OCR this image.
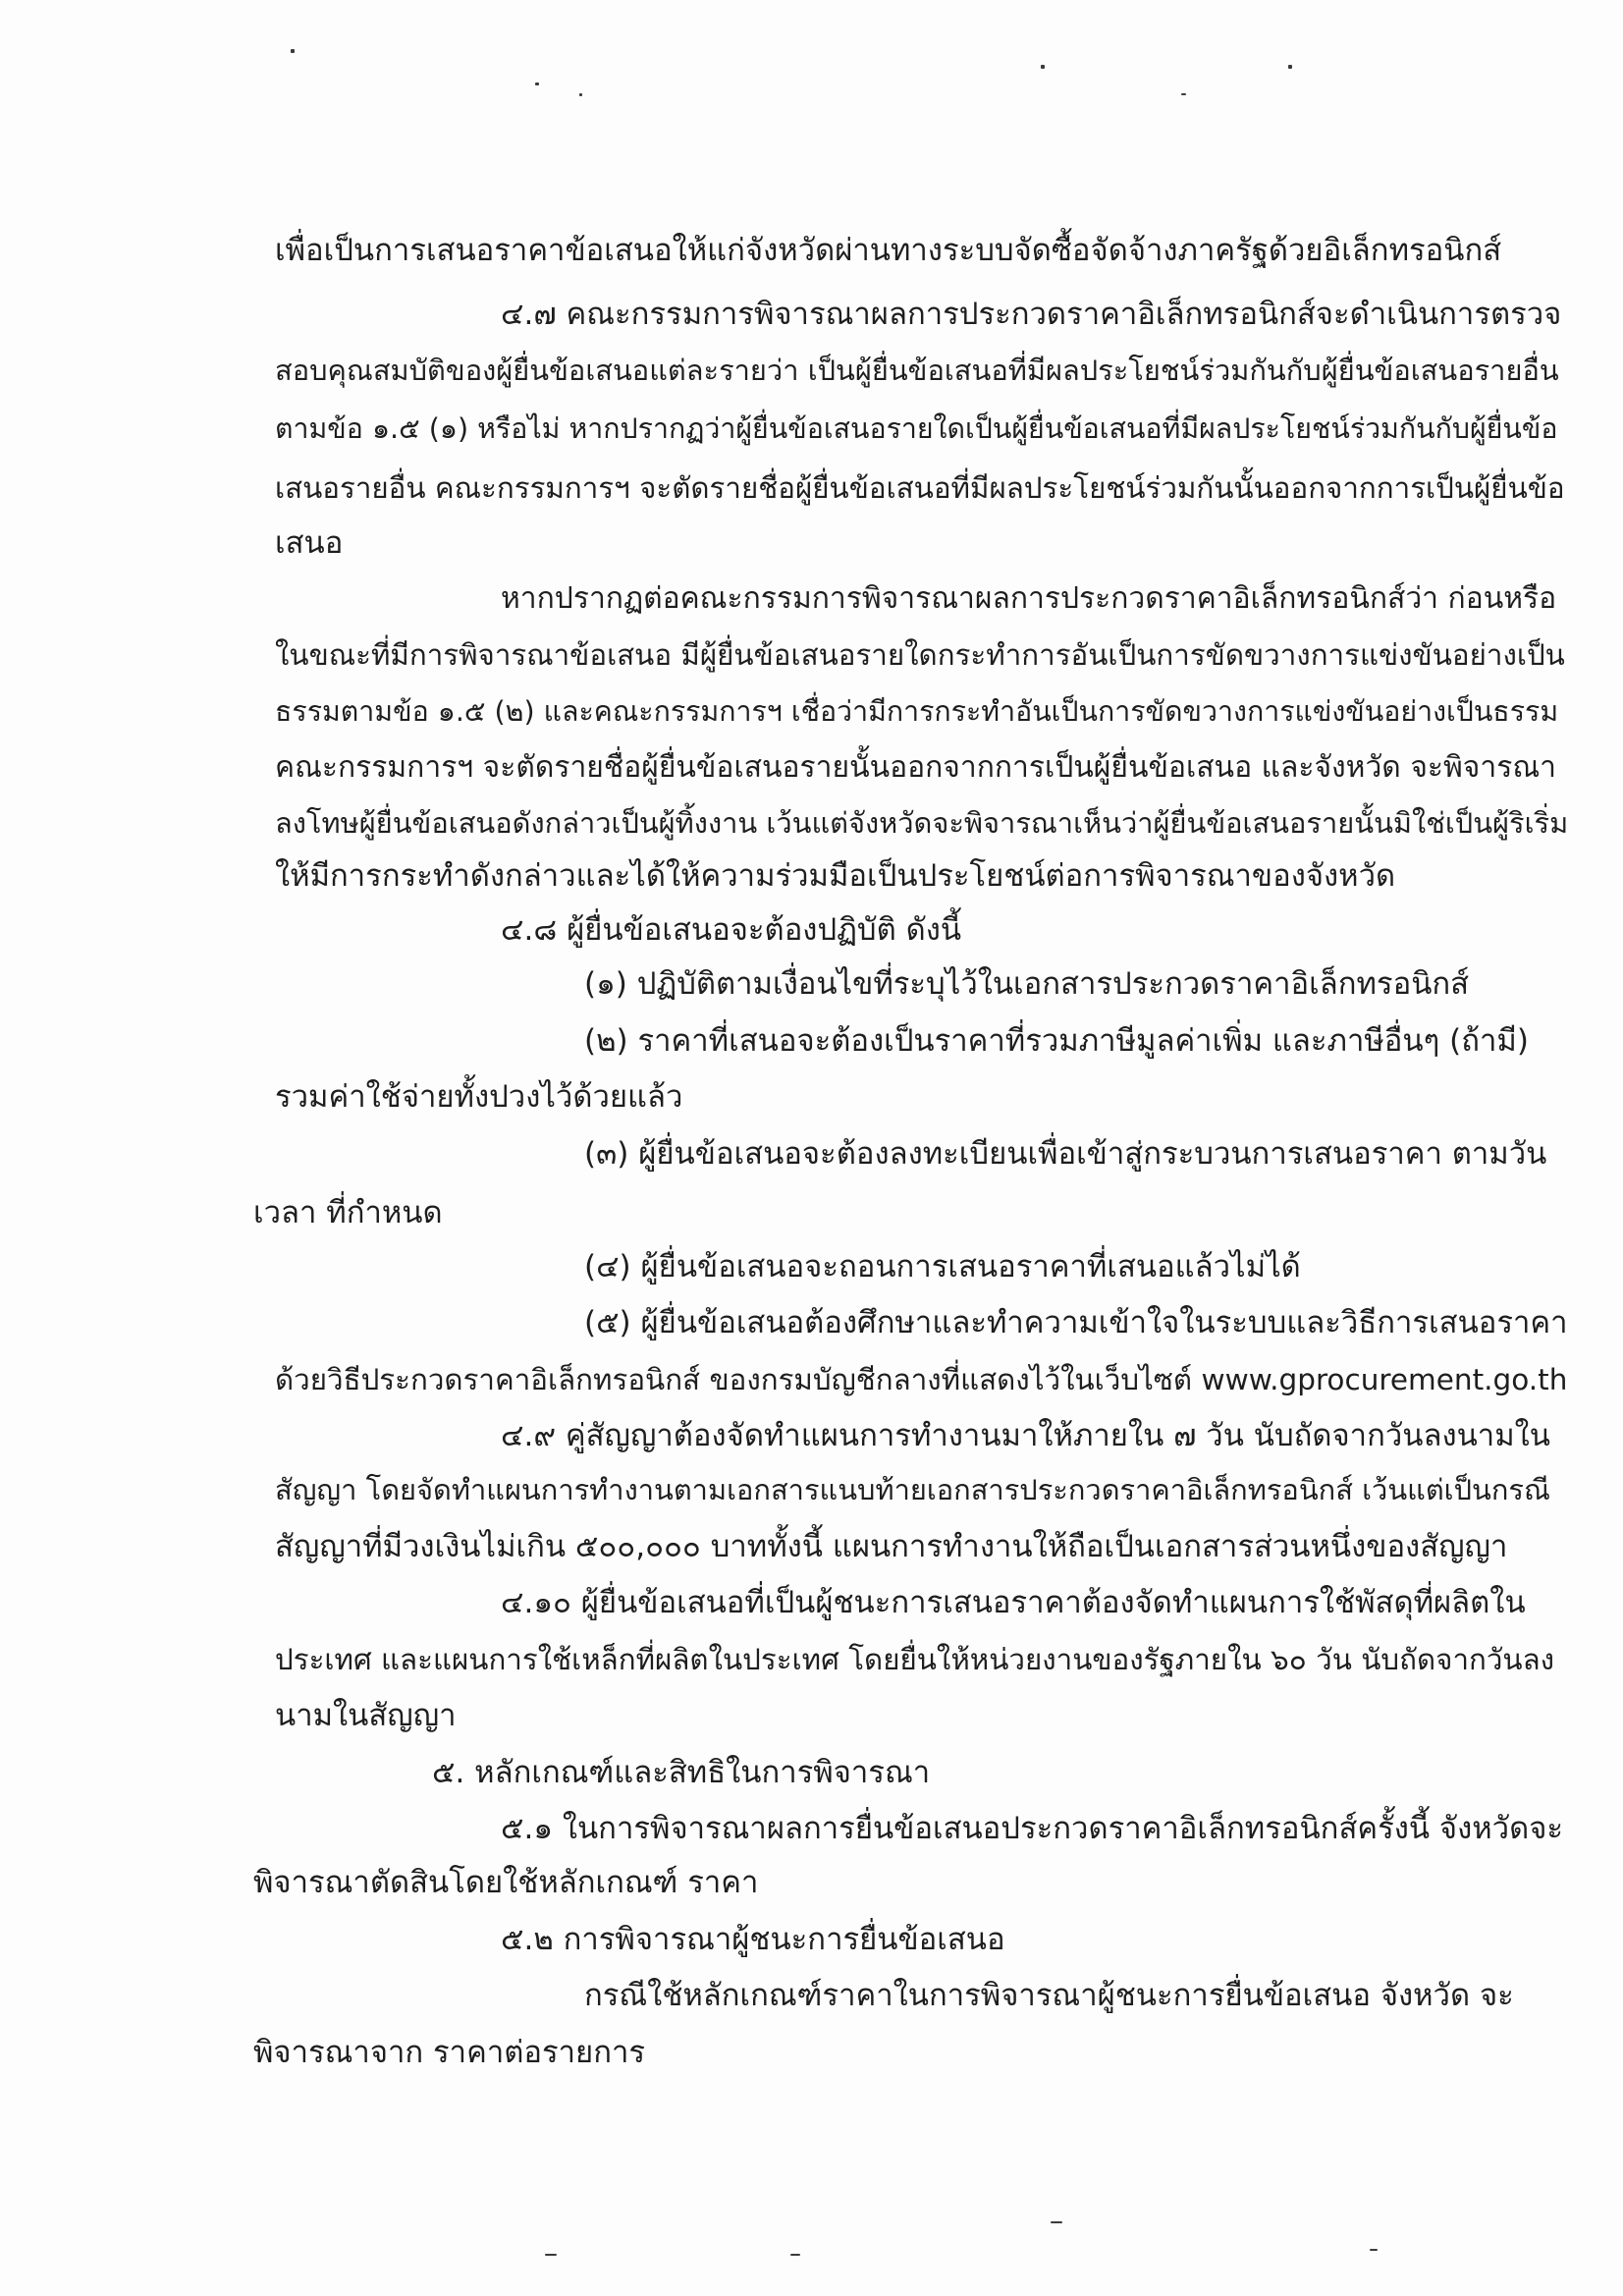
เพื่อเป็นการเสนอราคาข้อเสนอให้แก่จังหวัดผ่านทางระบบจัดซื้อจัดจ้างภาครัฐด้วยอิเล็กทรอนิกส์
๔.๗ คณะกรรมการพิจารณาผลการประกวดราคาอิเล็กทรอนิกส์จะดำเนินการตรวจ
สอบคุณสมบัติของผู้ยื่นข้อเสนอแต่ละรายว่า เป็นผู้ยื่นข้อเสนอที่มีผลประโยชน์ร่วมกันกับผู้ยื่นข้อเสนอรายอื่น
ตามข้อ ๑.๕ (๑) หรือไม่ หากปรากฏว่าผู้ยื่นข้อเสนอรายใดเป็นผู้ยื่นข้อเสนอที่มีผลประโยชน์ร่วมกันกับผู้ยื่นข้อ
เสนอรายอื่น คณะกรรมการฯ จะตัดรายชื่อผู้ยื่นข้อเสนอที่มีผลประโยชน์ร่วมกันนั้นออกจากการเป็นผู้ยื่นข้อ
เสนอ
หากปรากฏต่อคณะกรรมการพิจารณาผลการประกวดราคาอิเล็กทรอนิกส์ว่า ก่อนหรือ
ในขณะที่มีการพิจารณาข้อเสนอ มีผู้ยื่นข้อเสนอรายใดกระทำการอันเป็นการขัดขวางการแข่งขันอย่างเป็น
ธรรมตามข้อ ๑.๕ (๒) และคณะกรรมการฯ เชื่อว่ามีการกระทำอันเป็นการขัดขวางการแข่งขันอย่างเป็นธรรม
คณะกรรมการฯ จะตัดรายชื่อผู้ยื่นข้อเสนอรายนั้นออกจากการเป็นผู้ยื่นข้อเสนอ และจังหวัด จะพิจารณา
ลงโทษผู้ยื่นข้อเสนอดังกล่าวเป็นผู้ทิ้งงาน เว้นแต่จังหวัดจะพิจารณาเห็นว่าผู้ยื่นข้อเสนอรายนั้นมิใช่เป็นผู้ริเริ่ม
ให้มีการกระทำดังกล่าวและได้ให้ความร่วมมือเป็นประโยชน์ต่อการพิจารณาของจังหวัด
๔.๘ ผู้ยื่นข้อเสนอจะต้องปฏิบัติ ดังนี้
(๑) ปฏิบัติตามเงื่อนไขที่ระบุไว้ในเอกสารประกวดราคาอิเล็กทรอนิกส์
(๒) ราคาที่เสนอจะต้องเป็นราคาที่รวมภาษีมูลค่าเพิ่ม และภาษีอื่นๆ (ถ้ามี)
รวมค่าใช้จ่ายทั้งปวงไว้ด้วยแล้ว
(๓) ผู้ยื่นข้อเสนอจะต้องลงทะเบียนเพื่อเข้าสู่กระบวนการเสนอราคา ตามวัน
เวลา ที่กำหนด
(๔) ผู้ยื่นข้อเสนอจะถอนการเสนอราคาที่เสนอแล้วไม่ได้
(๕) ผู้ยื่นข้อเสนอต้องศึกษาและทำความเข้าใจในระบบและวิธีการเสนอราคา
ด้วยวิธีประกวดราคาอิเล็กทรอนิกส์ ของกรมบัญชีกลางที่แสดงไว้ในเว็บไซต์ www.gprocurement.go.th
๔.๙ คู่สัญญาต้องจัดทำแผนการทำงานมาให้ภายใน ๗ วัน นับถัดจากวันลงนามใน
สัญญา โดยจัดทำแผนการทำงานตามเอกสารแนบท้ายเอกสารประกวดราคาอิเล็กทรอนิกส์ เว้นแต่เป็นกรณี
สัญญาที่มีวงเงินไม่เกิน ๕๐๐,๐๐๐ บาททั้งนี้ แผนการทำงานให้ถือเป็นเอกสารส่วนหนึ่งของสัญญา
๔.๑๐ ผู้ยื่นข้อเสนอที่เป็นผู้ชนะการเสนอราคาต้องจัดทำแผนการใช้พัสดุที่ผลิตใน
ประเทศ และแผนการใช้เหล็กที่ผลิตในประเทศ โดยยื่นให้หน่วยงานของรัฐภายใน ๖๐ วัน นับถัดจากวันลง
นามในสัญญา
๕. หลักเกณฑ์และสิทธิในการพิจารณา
๕.๑ ในการพิจารณาผลการยื่นข้อเสนอประกวดราคาอิเล็กทรอนิกส์ครั้งนี้ จังหวัดจะ
พิจารณาตัดสินโดยใช้หลักเกณฑ์ ราคา
๕.๒ การพิจารณาผู้ชนะการยื่นข้อเสนอ
กรณีใช้หลักเกณฑ์ราคาในการพิจารณาผู้ชนะการยื่นข้อเสนอ จังหวัด จะ
พิจารณาจาก ราคาต่อรายการ
